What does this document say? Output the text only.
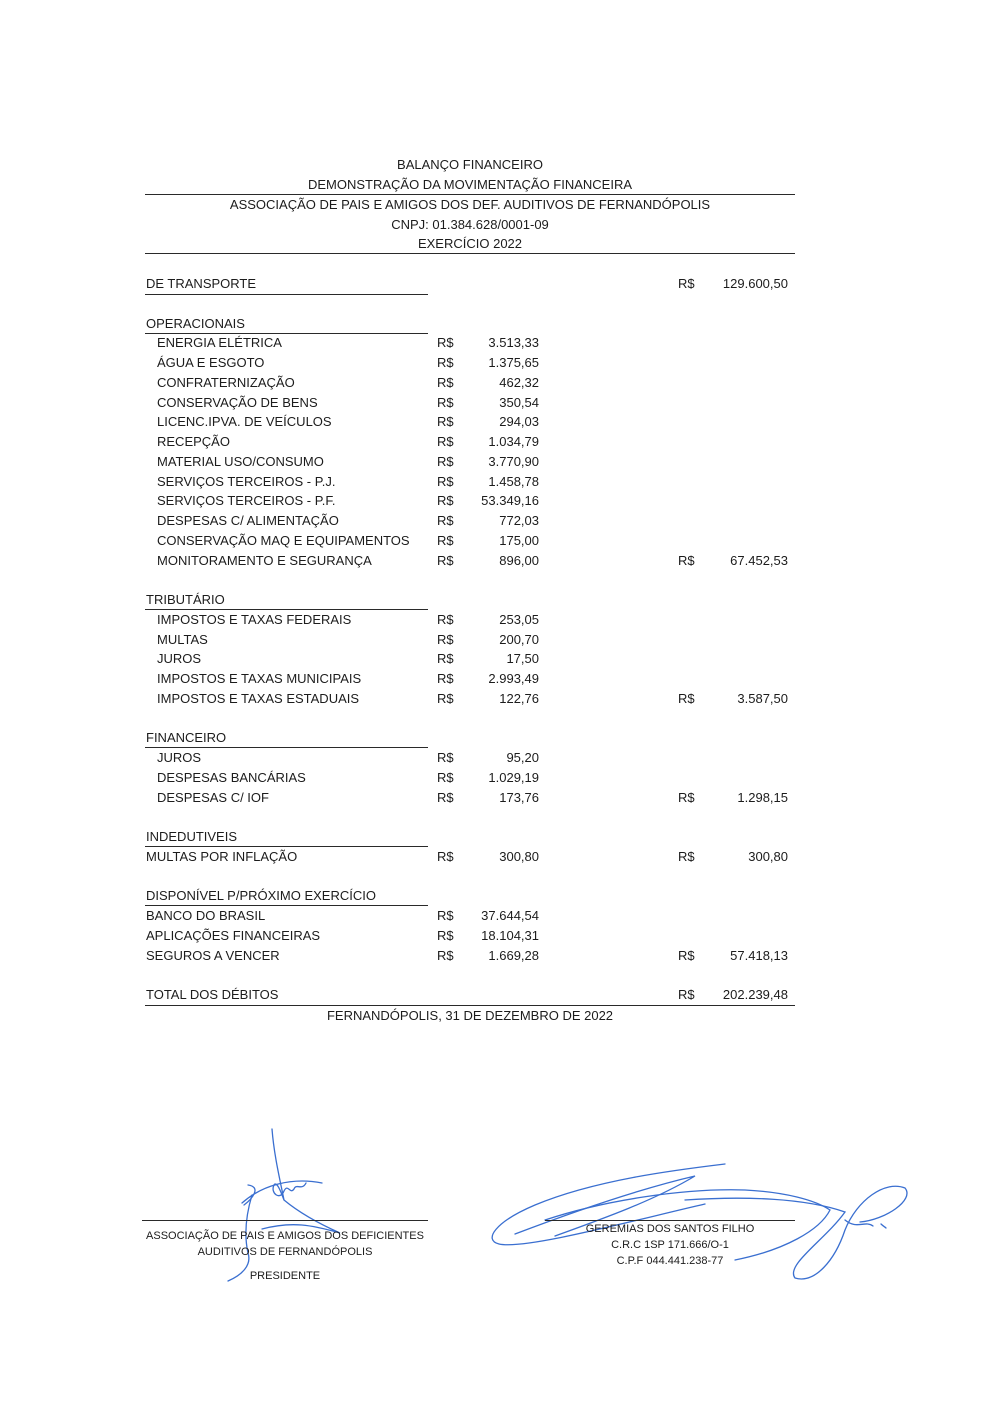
BALANÇO FINANCEIRO
DEMONSTRAÇÃO DA MOVIMENTAÇÃO FINANCEIRA
ASSOCIAÇÃO DE PAIS E AMIGOS DOS DEF. AUDITIVOS DE FERNANDÓPOLIS
CNPJ: 01.384.628/0001-09
EXERCÍCIO 2022
DE TRANSPORTE	R$	129.600,50
OPERACIONAIS
ENERGIA ELÉTRICA	R$	3.513,33
ÁGUA E ESGOTO	R$	1.375,65
CONFRATERNIZAÇÃO	R$	462,32
CONSERVAÇÃO DE BENS	R$	350,54
LICENC.IPVA. DE VEÍCULOS	R$	294,03
RECEPÇÃO	R$	1.034,79
MATERIAL USO/CONSUMO	R$	3.770,90
SERVIÇOS TERCEIROS - P.J.	R$	1.458,78
SERVIÇOS TERCEIROS - P.F.	R$	53.349,16
DESPESAS C/ ALIMENTAÇÃO	R$	772,03
CONSERVAÇÃO MAQ E EQUIPAMENTOS R$	175,00
MONITORAMENTO E SEGURANÇA	R$	896,00	R$	67.452,53
TRIBUTÁRIO
IMPOSTOS E TAXAS FEDERAIS	R$	253,05
MULTAS	R$	200,70
JUROS	R$	17,50
IMPOSTOS E TAXAS MUNICIPAIS	R$	2.993,49
IMPOSTOS E TAXAS ESTADUAIS	R$	122,76	R$	3.587,50
FINANCEIRO
JUROS	R$	95,20
DESPESAS BANCÁRIAS	R$	1.029,19
DESPESAS C/ IOF	R$	173,76	R$	1.298,15
INDEDUTIVEIS
MULTAS POR INFLAÇÃO	R$	300,80	R$	300,80
DISPONÍVEL P/PRÓXIMO EXERCÍCIO
BANCO DO BRASIL	R$	37.644,54
APLICAÇÕES FINANCEIRAS	R$	18.104,31
SEGUROS A VENCER	R$	1.669,28	R$	57.418,13
TOTAL DOS DÉBITOS	R$	202.239,48
FERNANDÓPOLIS, 31 DE DEZEMBRO DE 2022
ASSOCIAÇÃO DE PAIS E AMIGOS DOS DEFICIENTES
AUDITIVOS DE FERNANDÓPOLIS
PRESIDENTE
GEREMIAS DOS SANTOS FILHO
C.R.C 1SP 171.666/O-1
C.P.F 044.441.238-77
